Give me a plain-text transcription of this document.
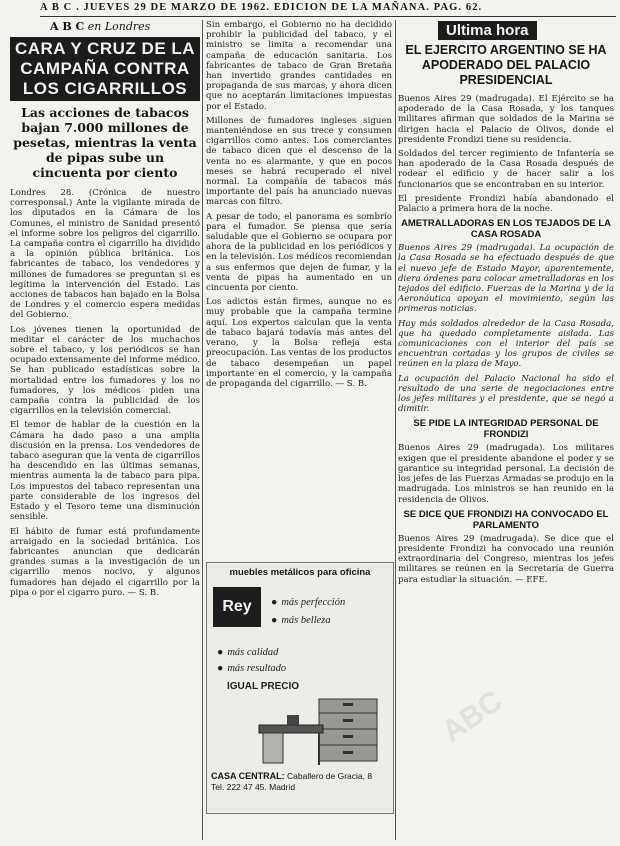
A B C . JUEVES 29 DE MARZO DE 1962. EDICION DE LA MAÑANA. PAG. 62.
A B C en Londres
CARA Y CRUZ DE LA CAMPAÑA CONTRA LOS CIGARRILLOS
Las acciones de tabacos bajan 7.000 millones de pesetas, mientras la venta de pipas sube un cincuenta por ciento

Londres 28. (Crónica de nuestro corresponsal.) Ante la vigilante mirada de los diputados en la Cámara de los Comunes, el ministro de Sanidad presentó el informe sobre los peligros del cigarrillo. La campaña contra el cigarrillo ha dividido a la opinión pública británica. Los fabricantes de tabaco, los vendedores y millones de fumadores se preguntan si es legítima la intervención del Estado. Las acciones de tabacos han bajado en la Bolsa de Londres y el comercio espera medidas del Gobierno.

Los jóvenes tienen la oportunidad de meditar el carácter de los muchachos sobre el tabaco, y los periódicos se han ocupado extensamente del informe médico. Se han publicado estadísticas sobre la mortalidad entre los fumadores y los no fumadores, y los médicos piden una campaña contra la publicidad de los cigarrillos en la televisión comercial.

El temor de hablar de la cuestión en la Cámara ha dado paso a una amplia discusión en la prensa. Los vendedores de tabaco aseguran que la venta de cigarrillos ha descendido en las últimas semanas, mientras aumenta la de tabaco para pipa. Los impuestos del tabaco representan una parte considerable de los ingresos del Estado y el Tesoro teme una disminución sensible.

El hábito de fumar está profundamente arraigado en la sociedad británica. Los fabricantes anuncian que dedicarán grandes sumas a la investigación de un cigarrillo menos nocivo, y algunos fumadores han dejado el cigarrillo por la pipa o por el cigarro puro. — S. B.

Sin embargo, el Gobierno no ha decidido prohibir la publicidad del tabaco, y el ministro se limita a recomendar una campaña de educación sanitaria. Los fabricantes de tabaco de Gran Bretaña han invertido grandes cantidades en propaganda de sus marcas, y ahora dicen que no aceptarán limitaciones impuestas por el Estado.

Millones de fumadores ingleses siguen manteniéndose en sus trece y consumen cigarrillos como antes. Los comerciantes de tabaco dicen que el descenso de la venta no es alarmante, y que en pocos meses se habrá recuperado el nivel normal. La compañía de tabacos más importante del país ha anunciado nuevas marcas con filtro.

A pesar de todo, el panorama es sombrío para el fumador. Se piensa que sería saludable que el Gobierno se ocupara por ahora de la publicidad en los periódicos y en la televisión. Los médicos recomiendan a sus enfermos que dejen de fumar, y la venta de pipas ha aumentado en un cincuenta por ciento.

Los adictos están firmes, aunque no es muy probable que la campaña termine aquí. Los expertos calculan que la venta de tabaco bajará todavía más antes del verano, y la Bolsa refleja esta preocupación. Las ventas de los productos de tabaco desempeñan un papel importante en el comercio, y la campaña de propaganda del cigarrillo. — S. B.

muebles metálicos para oficina
Rey	● más perfección
● más belleza
● más calidad
● más resultado
IGUAL PRECIO
CASA CENTRAL: Caballero de Gracia, 8
Tel. 222 47 45. Madrid
Ultima hora
EL EJERCITO ARGENTINO SE HA APODERADO DEL PALACIO PRESIDENCIAL

Buenos Aires 29 (madrugada). El Ejército se ha apoderado de la Casa Rosada, y los tanques militares afirman que soldados de la Marina se dirigen hacia el Palacio de Olivos, donde el presidente Frondizi tiene su residencia.

Soldados del tercer regimiento de Infantería se han apoderado de la Casa Rosada después de rodear el edificio y de hacer salir a los funcionarios que se encontraban en su interior.

El presidente Frondizi había abandonado el Palacio a primera hora de la noche.

AMETRALLADORAS EN LOS TEJADOS DE LA CASA ROSADA

Buenos Aires 29 (madrugada). La ocupación de la Casa Rosada se ha efectuado después de que el nuevo jefe de Estado Mayor, aparentemente, diera órdenes para colocar ametralladoras en los tejados del edificio. Fuerzas de la Marina y de la Aeronáutica apoyan el movimiento, según las primeras noticias.

Hay más soldados alrededor de la Casa Rosada, que ha quedado completamente aislada. Las comunicaciones con el interior del país se encuentran cortadas y los grupos de civiles se reúnen en la plaza de Mayo.

La ocupación del Palacio Nacional ha sido el resultado de una serie de negociaciones entre los jefes militares y el presidente, que se negó a dimitir.

SE PIDE LA INTEGRIDAD PERSONAL DE FRONDIZI

Buenos Aires 29 (madrugada). Los militares exigen que el presidente abandone el poder y se garantice su integridad personal. La decisión de los jefes de las Fuerzas Armadas se produjo en la madrugada. Los ministros se han reunido en la residencia de Olivos.

SE DICE QUE FRONDIZI HA CONVOCADO EL PARLAMENTO

Buenos Aires 29 (madrugada). Se dice que el presidente Frondizi ha convocado una reunión extraordinaria del Congreso, mientras los jefes militares se reúnen en la Secretaría de Guerra para estudiar la situación. — EFE.

ABC
